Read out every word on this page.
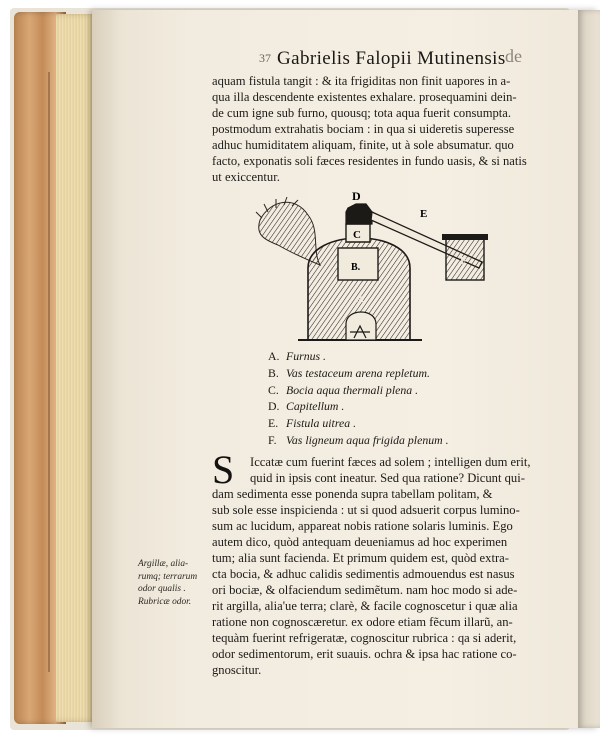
37 Gabrielis Falopii Mutinensis de
aquam fistula tangit : & ita frigiditas non finit uapores in a-
qua illa descendente existentes exhalare. prosequamini dein-
de cum igne sub furno, quousq; tota aqua fuerit consumpta.
postmodum extrahatis bociam : in qua si uideretis superesse
adhuc humiditatem aliquam, finite, ut à sole absumatur. quo
facto, exponatis soli fæces residentes in fundo uasis, & si natis
ut exiccentur.
D
E
C
B.
F
A
A. Furnus .
B. Vas testaceum arena repletum.
C. Bocia aqua thermali plena .
D. Capitellum .
E. Fistula uitrea .
F. Vas ligneum aqua frigida plenum .
S	Iccatæ cum fuerint fæces ad solem ; intelligen dum erit,
quid in ipsis cont ineatur. Sed qua ratione? Dicunt qui-
dam sedimenta esse ponenda supra tabellam politam, &
sub sole esse inspicienda : ut si quod adsuerit corpus lumino-
sum ac lucidum, appareat nobis ratione solaris luminis. Ego
autem dico, quòd antequam deueniamus ad hoc experimen
tum; alia sunt facienda. Et primum quidem est, quòd extra-
cta bocia, & adhuc calidis sedimentis admouendus est nasus
ori bociæ, & olfaciendum sedimẽtum. nam hoc modo si ade-
rit argilla, alia'ue terra; clarè, & facile cognoscetur i quæ alia
ratione non cognoscæretur. ex odore etiam fẽcum illarũ, an-
tequàm fuerint refrigeratæ, cognoscitur rubrica : qa si aderit,
odor sedimentorum, erit suauis. ochra & ipsa hac ratione co-
gnoscitur.
Argillæ, alia-
rumq; terrarum
odor qualis .
Rubricæ odor.
